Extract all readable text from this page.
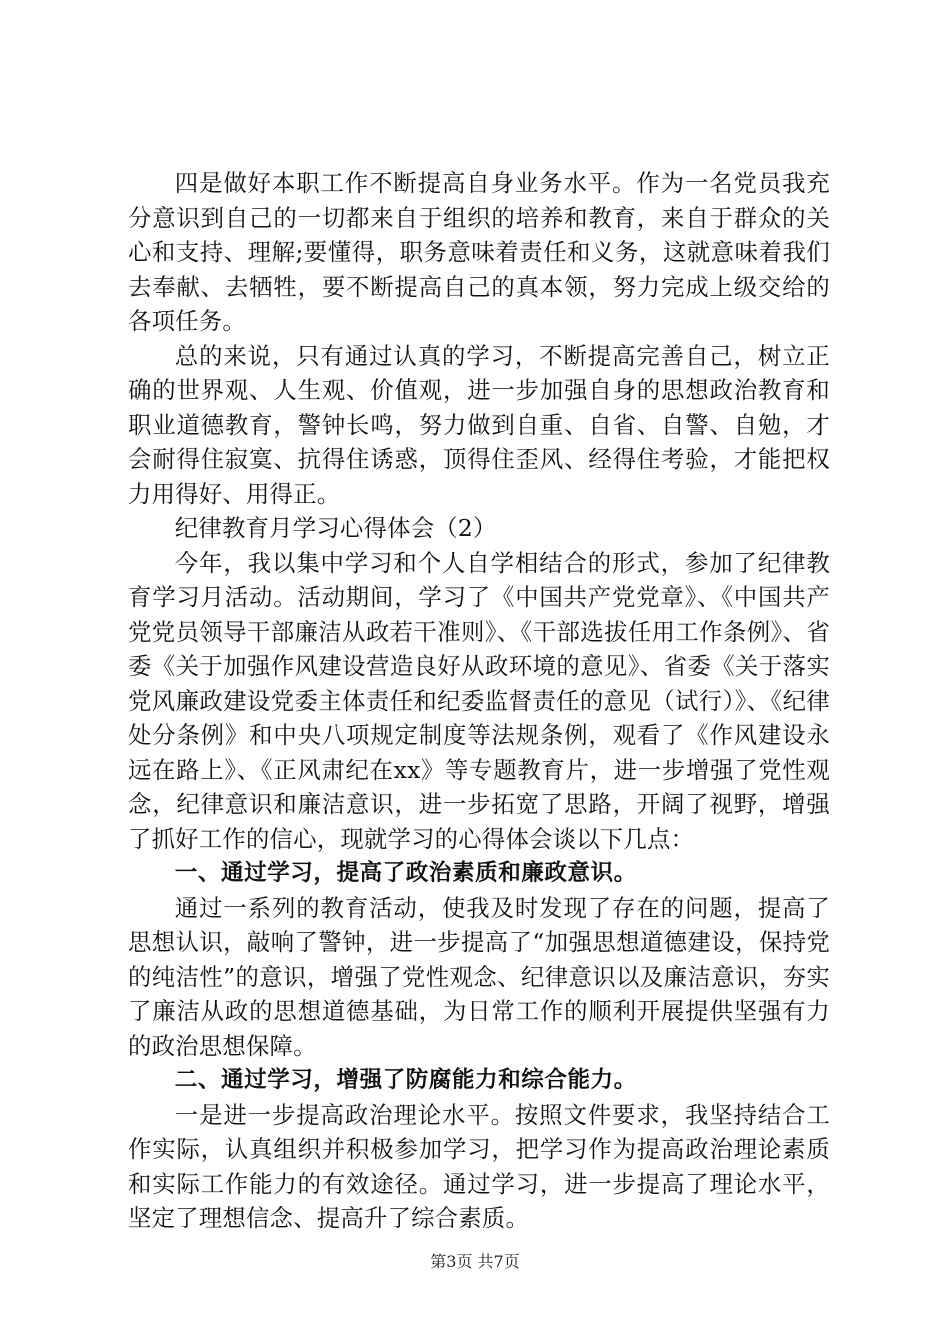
四是做好本职工作不断提高自身业务水平。作为一名党员我充分意识到自己的一切都来自于组织的培养和教育，来自于群众的关心和支持、理解;要懂得，职务意味着责任和义务，这就意味着我们去奉献、去牺牲，要不断提高自己的真本领，努力完成上级交给的各项任务。

总的来说，只有通过认真的学习，不断提高完善自己，树立正确的世界观、人生观、价值观，进一步加强自身的思想政治教育和职业道德教育，警钟长鸣，努力做到自重、自省、自警、自勉，才会耐得住寂寞、抗得住诱惑，顶得住歪风、经得住考验，才能把权力用得好、用得正。

纪律教育月学习心得体会（2）

今年，我以集中学习和个人自学相结合的形式，参加了纪律教育学习月活动。活动期间，学习了《中国共产党党章》、《中国共产党党员领导干部廉洁从政若干准则》、《干部选拔任用工作条例》、省委《关于加强作风建设营造良好从政环境的意见》、省委《关于落实党风廉政建设党委主体责任和纪委监督责任的意见（试行）》、《纪律处分条例》和中央八项规定制度等法规条例，观看了《作风建设永远在路上》、《正风肃纪在xx》等专题教育片，进一步增强了党性观念，纪律意识和廉洁意识，进一步拓宽了思路，开阔了视野，增强了抓好工作的信心，现就学习的心得体会谈以下几点：

一、通过学习，提高了政治素质和廉政意识。

通过一系列的教育活动，使我及时发现了存在的问题，提高了思想认识，敲响了警钟，进一步提高了“加强思想道德建设，保持党的纯洁性”的意识，增强了党性观念、纪律意识以及廉洁意识，夯实了廉洁从政的思想道德基础，为日常工作的顺利开展提供坚强有力的政治思想保障。

二、通过学习，增强了防腐能力和综合能力。

一是进一步提高政治理论水平。按照文件要求，我坚持结合工作实际，认真组织并积极参加学习，把学习作为提高政治理论素质和实际工作能力的有效途径。通过学习，进一步提高了理论水平，坚定了理想信念、提高升了综合素质。

第3页 共7页
